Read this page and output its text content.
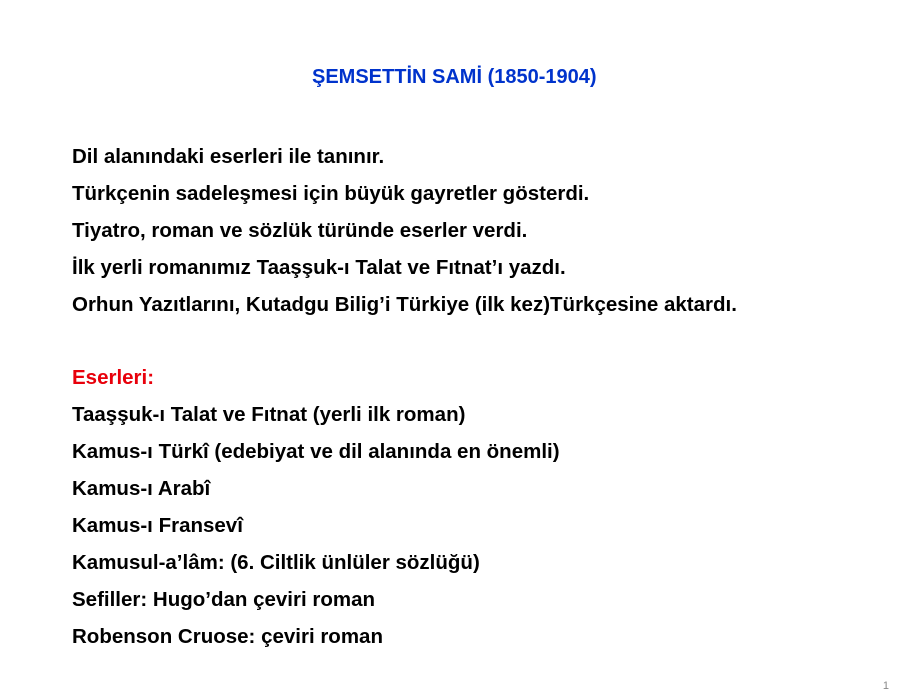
ŞEMSETTİN SAMİ (1850-1904)
Dil alanındaki eserleri ile tanınır.
Türkçenin sadeleşmesi için büyük gayretler gösterdi.
Tiyatro, roman ve sözlük türünde eserler verdi.
İlk yerli romanımız Taaşşuk-ı Talat ve Fıtnat’ı yazdı.
Orhun Yazıtlarını, Kutadgu Bilig’i Türkiye (ilk kez)Türkçesine aktardı.
Eserleri:
Taaşşuk-ı Talat ve Fıtnat (yerli ilk roman)
Kamus-ı Türkî (edebiyat ve dil alanında en önemli)
Kamus-ı Arabî
Kamus-ı Fransevî
Kamusul-a’lâm: (6. Ciltlik ünlüler sözlüğü)
Sefiller: Hugo’dan çeviri roman
Robenson Cruose: çeviri roman
1
